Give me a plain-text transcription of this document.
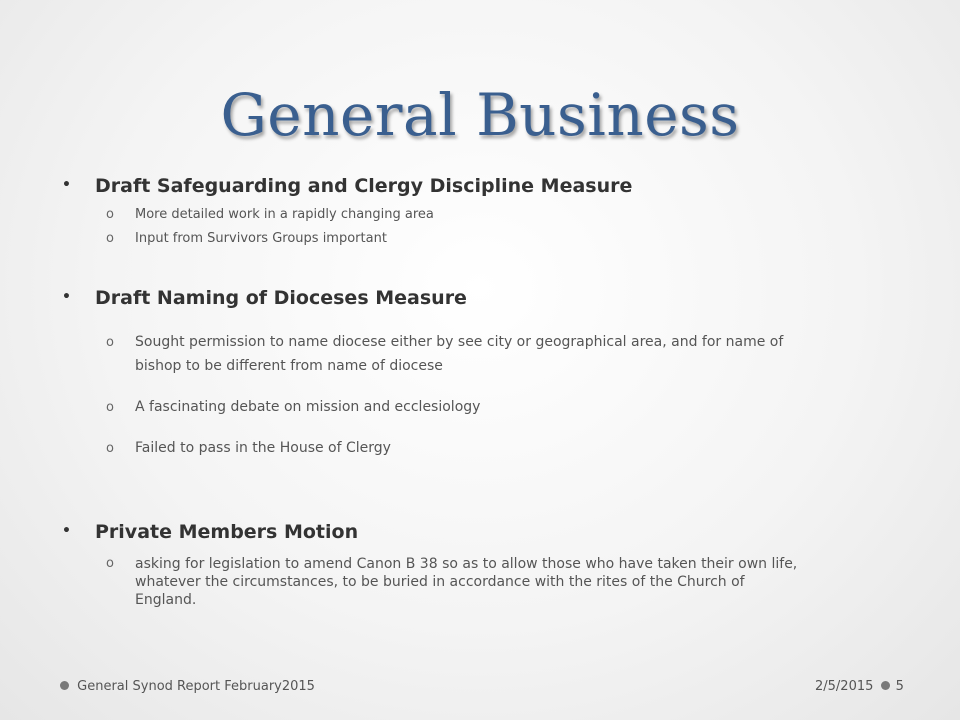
General Business
•	Draft Safeguarding and Clergy Discipline Measure
o More detailed work in a rapidly changing area
o Input from Survivors Groups important
•	Draft Naming of Dioceses Measure
o Sought permission to name diocese either by see city or geographical area, and for name of
bishop to be different from name of diocese
o A fascinating debate on mission and ecclesiology
o Failed to pass in the House of Clergy
•	Private Members Motion
o asking for legislation to amend Canon B 38 so as to allow those who have taken their own life,
whatever the circumstances, to be buried in accordance with the rites of the Church of
England.
General Synod Report February2015	2/5/2015 5
